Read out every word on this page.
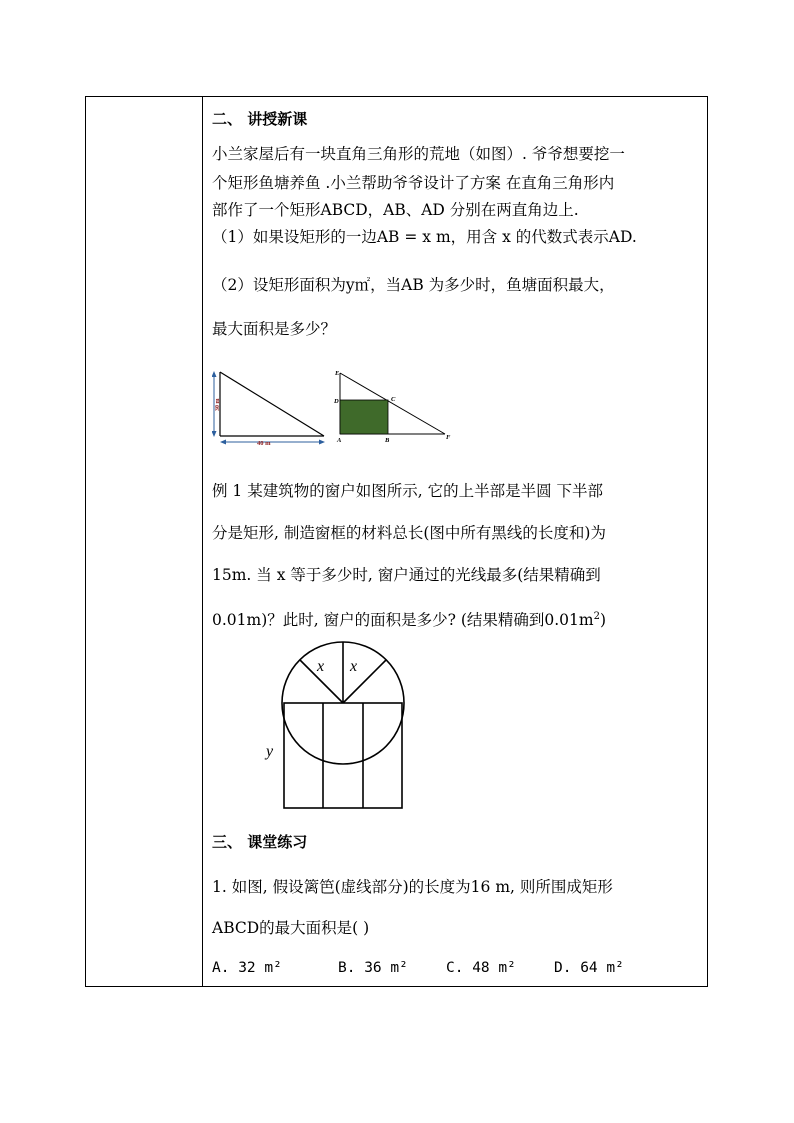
二、 讲授新课
小兰家屋后有一块直角三角形的荒地（如图）. 爷爷想要挖一
个矩形鱼塘养鱼 .小兰帮助爷爷设计了方案 在直角三角形内
部作了一个矩形ABCD，AB、AD 分别在两直角边上.
（1）如果设矩形的一边AB = x m，用含 x 的代数式表示AD.
（2）设矩形面积为y㎡，当AB 为多少时，鱼塘面积最大，
最大面积是多少？
30 m
40 m
E
D	C
A	B	F
例 1 某建筑物的窗户如图所示, 它的上半部是半圆 下半部
分是矩形, 制造窗框的材料总长(图中所有黑线的长度和)为
15m. 当 x 等于多少时, 窗户通过的光线最多(结果精确到
0.01m)？此时, 窗户的面积是多少? (结果精确到$0.01m^2$)
x x
y
三、 课堂练习
1. 如图, 假设篱笆(虚线部分)的长度为16 m, 则所围成矩形
ABCD的最大面积是( )
A. 32 m²	B. 36 m²	C. 48 m²	D. 64 m²
